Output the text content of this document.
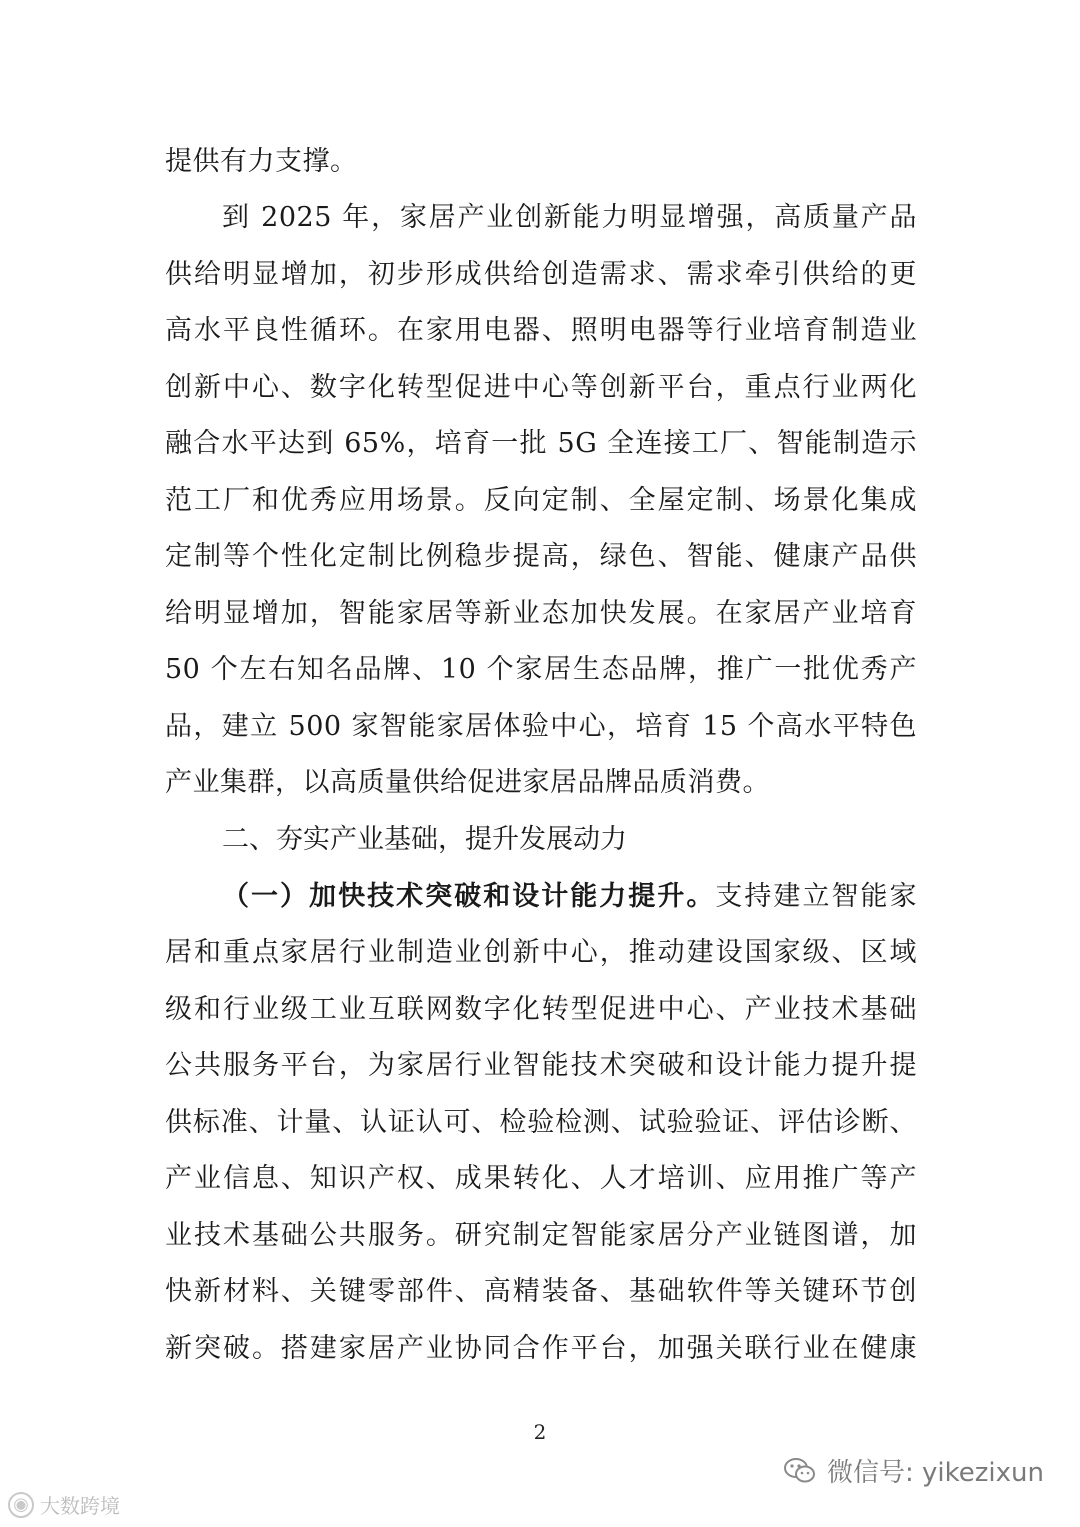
提供有力支撑。
到 2025 年，家居产业创新能力明显增强，高质量产品
供给明显增加，初步形成供给创造需求、需求牵引供给的更
高水平良性循环。在家用电器、照明电器等行业培育制造业
创新中心、数字化转型促进中心等创新平台，重点行业两化
融合水平达到 65%，培育一批 5G 全连接工厂、智能制造示
范工厂和优秀应用场景。反向定制、全屋定制、场景化集成
定制等个性化定制比例稳步提高，绿色、智能、健康产品供
给明显增加，智能家居等新业态加快发展。在家居产业培育
50 个左右知名品牌、10 个家居生态品牌，推广一批优秀产
品，建立 500 家智能家居体验中心，培育 15 个高水平特色
产业集群，以高质量供给促进家居品牌品质消费。
二、夯实产业基础，提升发展动力
（一）加快技术突破和设计能力提升。支持建立智能家
居和重点家居行业制造业创新中心，推动建设国家级、区域
级和行业级工业互联网数字化转型促进中心、产业技术基础
公共服务平台，为家居行业智能技术突破和设计能力提升提
供标准、计量、认证认可、检验检测、试验验证、评估诊断、
产业信息、知识产权、成果转化、人才培训、应用推广等产
业技术基础公共服务。研究制定智能家居分产业链图谱，加
快新材料、关键零部件、高精装备、基础软件等关键环节创
新突破。搭建家居产业协同合作平台，加强关联行业在健康
2
◉ 大数跨境
微信号: yikezixun
